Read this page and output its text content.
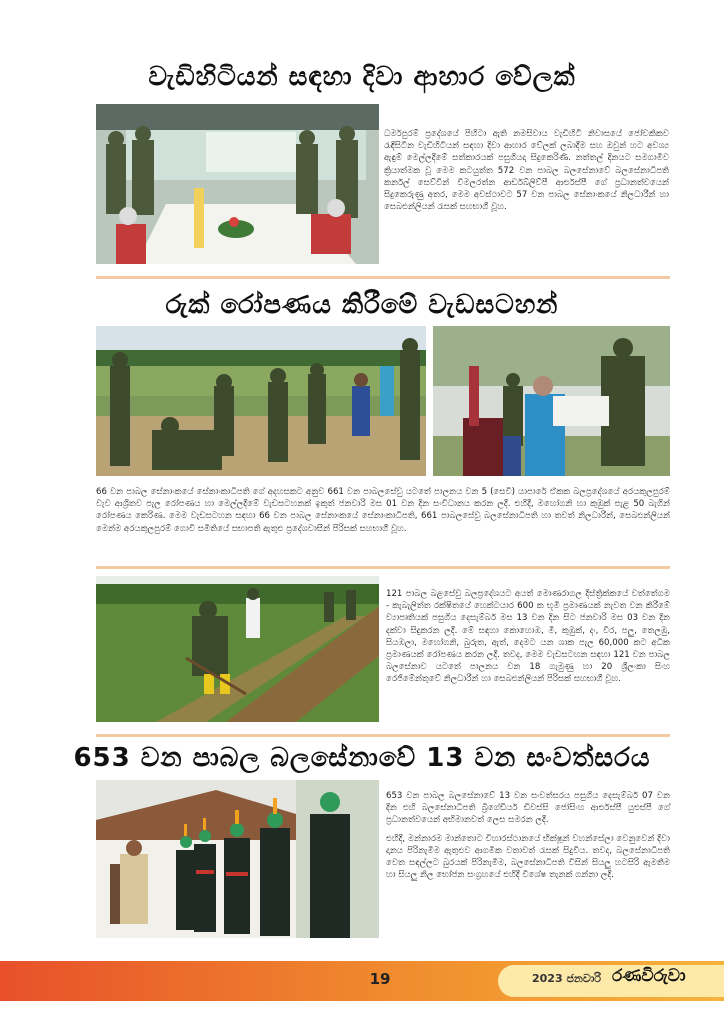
වැඩිහිටියන් සඳහා දිවා ආහාර වේලක්

ධර්මපුරම් ප්‍රදේශයේ පිහිටා ඇති නමසිවාය වැඩිහිටි නිවාසයේ ජෝවකිකව රැඳිසිටින වැඩිහිටියන් සඳහා දිවා ආහාර වේලක් ලබාදීම සහ ඔවුන් හට අවශ්‍ය ඇඳුම් මෙල්ලදීමේ සත්කාරයක් පසුගියදා සිදුකෙරිණි. නත්තල් දිනයට සමගාමීව ක්‍රියාත්මක වූ මෙම කටයුත්ත 572 වන පාබල බලසේනාවේ බලසේනාධිපති කර්නල් සෙව්වින් විමලරත්න ආර්ඩබ්ලිව්පී ආර්එස්පී ගේ ප්‍රධානත්වයෙන් සිදුකෙරුණු අතර, මෙම අවස්ථාවට 57 වන පාබල සේනාංකයේ නිලධාරීන් හා සෙබළුන්ලියන් රැසක් සහභාගී වූහ.

රුක් රෝපණය කිරීමේ වැඩසටහන්

66 වන පාබල සේනාංකයේ සේනාංකාධිපති ගේ අදහසකට අනුව 661 වන පාබලසේවු යටතේ පාලනය වන 5 (සෙවි) යාපාරේ ඒකක බලප්‍රදේශයේ අරයකුලපුරම් වැව ආශ්‍රිතව පැල රෝපණය හා මෙල්ලදීමේ වැඩසටහනක් ඉකුත් ජනවාරි මස 01 වන දින සංවිධානය කරන ලදී. එහිදී, මහෝගනි හා කුඹුක් පැළ 50 බැගින් රෝපණය කෙරිණ. මෙම වැඩසටහන සඳහා 66 වන පාබල සේනාංකයේ සේනාංකාධිපති, 661 පාබලසේවු බලසේනාධිපති හා තවත් නිලධාරීන්, සෙබළුන්ලියන් මෙන්ම අරයකුලපුරම් ගොවි සමිතියේ සභාපති ඇතුළු ප්‍රදේශවාසීන් පිරිසක් සහභාගී වූහ.

121 පාබල බළසේවු බලප්‍රදේශයට අයත් මොණරාගල දිස්ත්‍රික්කයේ වත්තේගම - කැබැලිත්ත රක්ෂිතයේ හෙක්ටයාර 600 ක භූමි ප්‍රමාණයක් නැවත වන කිරීමේ ව්‍යාපෘතියක් පසුගිය දෙසැම්බර් මස 13 වන දින සිට ජනවාරි මස 03 වන දින දක්වා සිදුකරන ලදී. මේ සඳහා කොහොඹ, මී, කුඹුක්, දං, වීර, පලු, තෙලඹු, සියඹලා, මහෝගනි, බුරුත, ඇත්, දෙමට යන ශාක පැල 60,000 කට අධික ප්‍රමාණයක් රෝපණය කරන ලදී. තවද, මෙම වැඩසටහන සඳහා 121 වන පාබල බලසේනාව යටතේ පාලනය වන 18 ගැමුණු හා 20 ශ්‍රීලංකා සිංහ රෙජිමේන්තුවේ නිලධාරීන් හා සෙබළුන්ලියන් පිරිසක් සහභාගී වූහ.

653 වන පාබල බලසේනාවේ 13 වන සංවත්සරය

653 වන පාබල බලසේනාවේ 13 වන සංවත්සරය පසුගිය දෙසැම්බර් 07 වන දින එහි බලසේනාධිපති බ්‍රිගේඩියර් ඩිවස්සි ජෝසිංහ ආර්එස්පී යුඑස්පී ගේ ප්‍රධානත්වයෙන් අභිමානවත් ලෙස සමරන ලදී.

එහිදී, මන්නාරම මාන්තොට විහාරස්ථානයේ භික්ෂූන් වහන්සේලා වෙනුවෙන් දිවා දානය පිරිනැමීම ඇතුළුව ආගමික වතාවත් රැසක් සිදුවිය. තවද, බලසේනාධිපති වෙත සඳල්ලට බුරයක් පිරිනැමීම, බලසේනාධිපති විසින් සියලු හටසිරි ඇමතීම හා සියලු නිල භෝජන සංග්‍රහයේ එහිදී විශේෂ තැනක් ගන්නා ලදී.

19	2023 ජනවාරි රණවිරුවා
